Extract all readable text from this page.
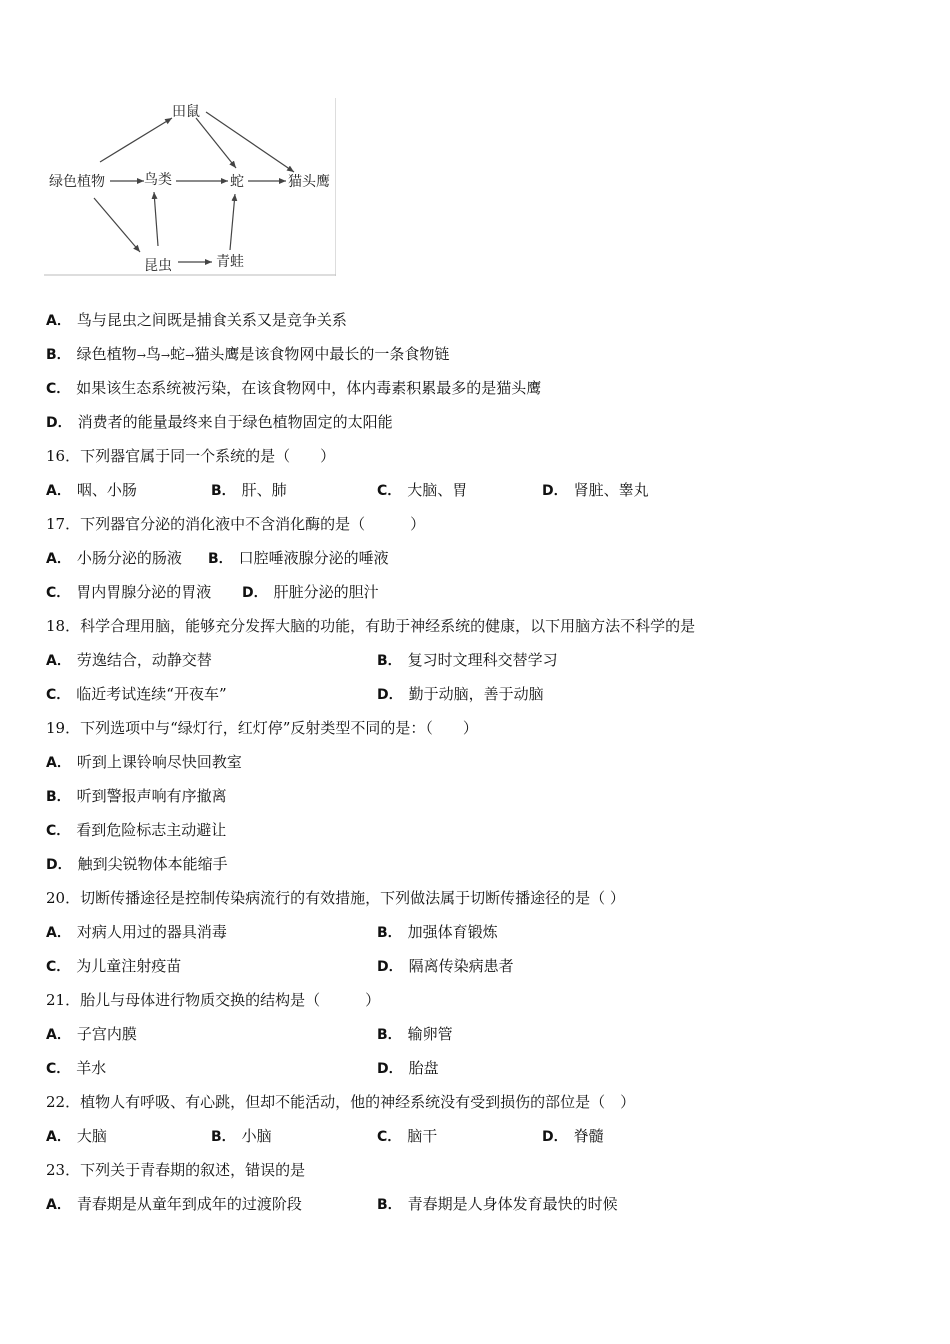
田鼠
绿色植物	鸟类	蛇	猫头鹰
昆虫	青蛙
A． 鸟与昆虫之间既是捕食关系又是竞争关系
B． 绿色植物→鸟→蛇→猫头鹰是该食物网中最长的一条食物链
C． 如果该生态系统被污染，在该食物网中，体内毒素积累最多的是猫头鹰
D． 消费者的能量最终来自于绿色植物固定的太阳能
16．下列器官属于同一个系统的是（　　）
A． 咽、小肠	B． 肝、肺	C． 大脑、胃	D． 肾脏、睾丸
17．下列器官分泌的消化液中不含消化酶的是（　　　）
A． 小肠分泌的肠液 B． 口腔唾液腺分泌的唾液
C． 胃内胃腺分泌的胃液 D． 肝脏分泌的胆汁
18．科学合理用脑，能够充分发挥大脑的功能，有助于神经系统的健康，以下用脑方法不科学的是
A． 劳逸结合，动静交替	B． 复习时文理科交替学习
C． 临近考试连续“开夜车”	D． 勤于动脑，善于动脑
19．下列选项中与“绿灯行，红灯停”反射类型不同的是：（　　）
A． 听到上课铃响尽快回教室
B． 听到警报声响有序撤离
C． 看到危险标志主动避让
D． 触到尖锐物体本能缩手
20．切断传播途径是控制传染病流行的有效措施，下列做法属于切断传播途径的是（ ）
A． 对病人用过的器具消毒	B． 加强体育锻炼
C． 为儿童注射疫苗	D． 隔离传染病患者
21．胎儿与母体进行物质交换的结构是（　　　）
A． 子宫内膜	B． 输卵管
C． 羊水	D． 胎盘
22．植物人有呼吸、有心跳，但却不能活动，他的神经系统没有受到损伤的部位是（　）
A． 大脑	B． 小脑	C． 脑干	D． 脊髓
23．下列关于青春期的叙述，错误的是
A． 青春期是从童年到成年的过渡阶段	B． 青春期是人身体发育最快的时候
